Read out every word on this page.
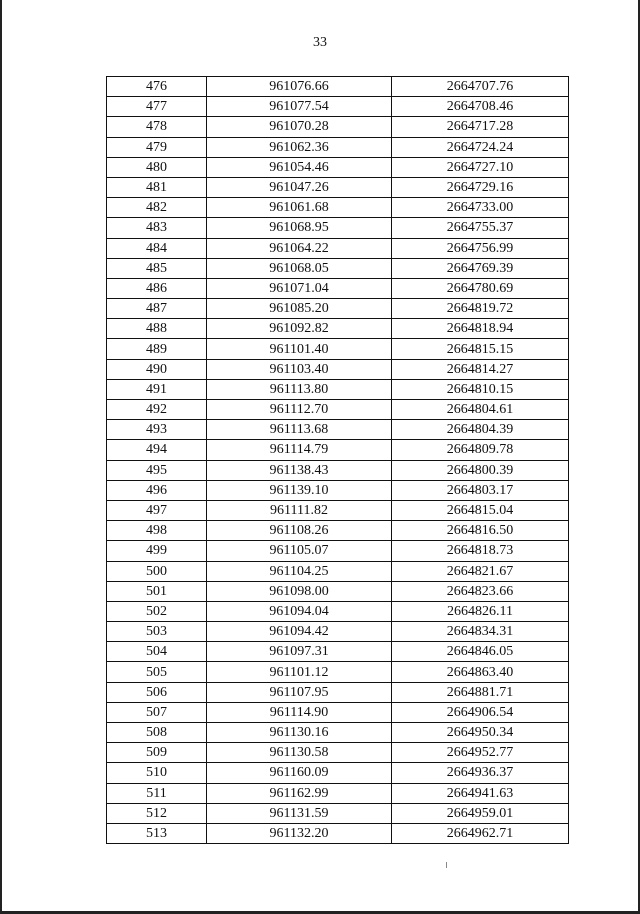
33
476	961076.66	2664707.76
477	961077.54	2664708.46
478	961070.28	2664717.28
479	961062.36	2664724.24
480	961054.46	2664727.10
481	961047.26	2664729.16
482	961061.68	2664733.00
483	961068.95	2664755.37
484	961064.22	2664756.99
485	961068.05	2664769.39
486	961071.04	2664780.69
487	961085.20	2664819.72
488	961092.82	2664818.94
489	961101.40	2664815.15
490	961103.40	2664814.27
491	961113.80	2664810.15
492	961112.70	2664804.61
493	961113.68	2664804.39
494	961114.79	2664809.78
495	961138.43	2664800.39
496	961139.10	2664803.17
497	961111.82	2664815.04
498	961108.26	2664816.50
499	961105.07	2664818.73
500	961104.25	2664821.67
501	961098.00	2664823.66
502	961094.04	2664826.11
503	961094.42	2664834.31
504	961097.31	2664846.05
505	961101.12	2664863.40
506	961107.95	2664881.71
507	961114.90	2664906.54
508	961130.16	2664950.34
509	961130.58	2664952.77
510	961160.09	2664936.37
511	961162.99	2664941.63
512	961131.59	2664959.01
513	961132.20	2664962.71
